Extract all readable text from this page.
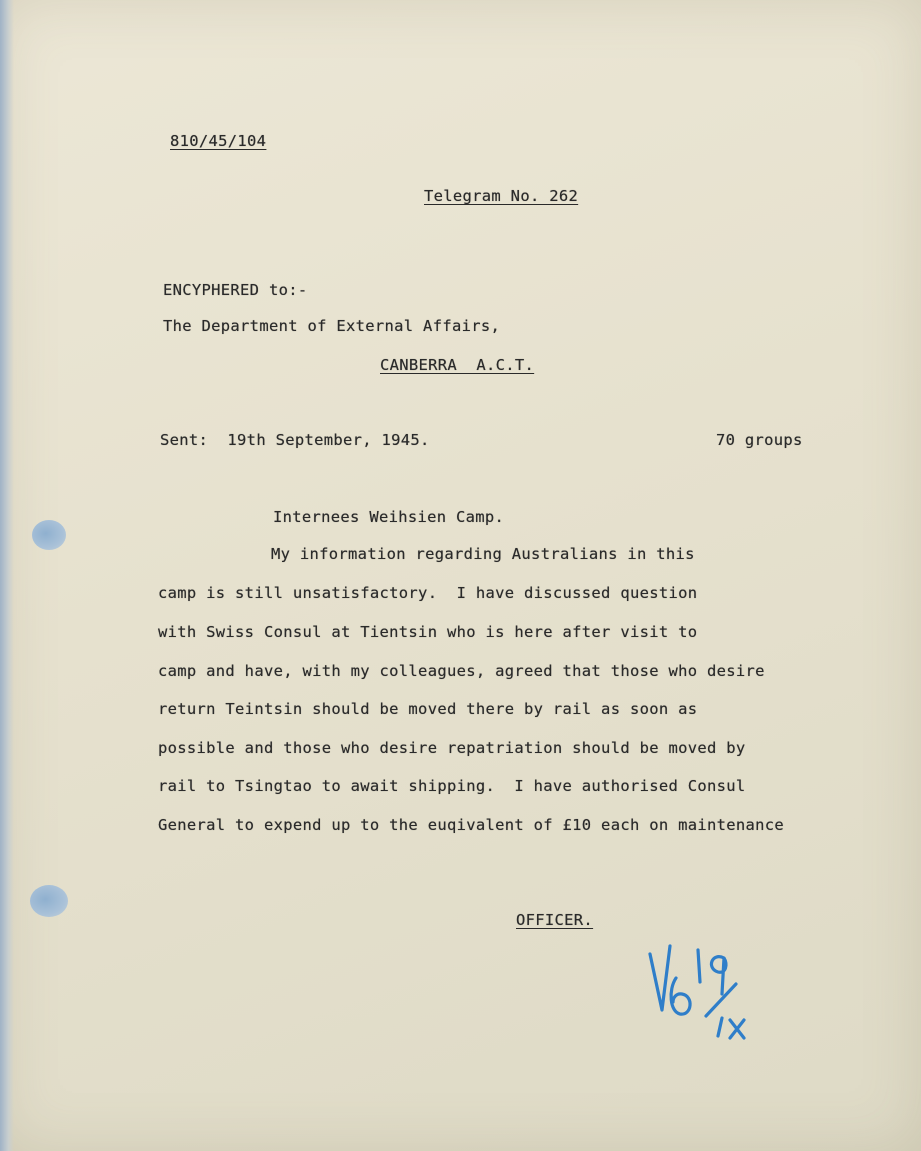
810/45/104
Telegram No. 262
ENCYPHERED to:-
The Department of External Affairs,
CANBERRA  A.C.T.
Sent:  19th September, 1945.	70 groups
Internees Weihsien Camp.
My information regarding Australians in this
camp is still unsatisfactory.  I have discussed question
with Swiss Consul at Tientsin who is here after visit to
camp and have, with my colleagues, agreed that those who desire
return Teintsin should be moved there by rail as soon as
possible and those who desire repatriation should be moved by
rail to Tsingtao to await shipping.  I have authorised Consul
General to expend up to the euqivalent of £10 each on maintenance
OFFICER.
